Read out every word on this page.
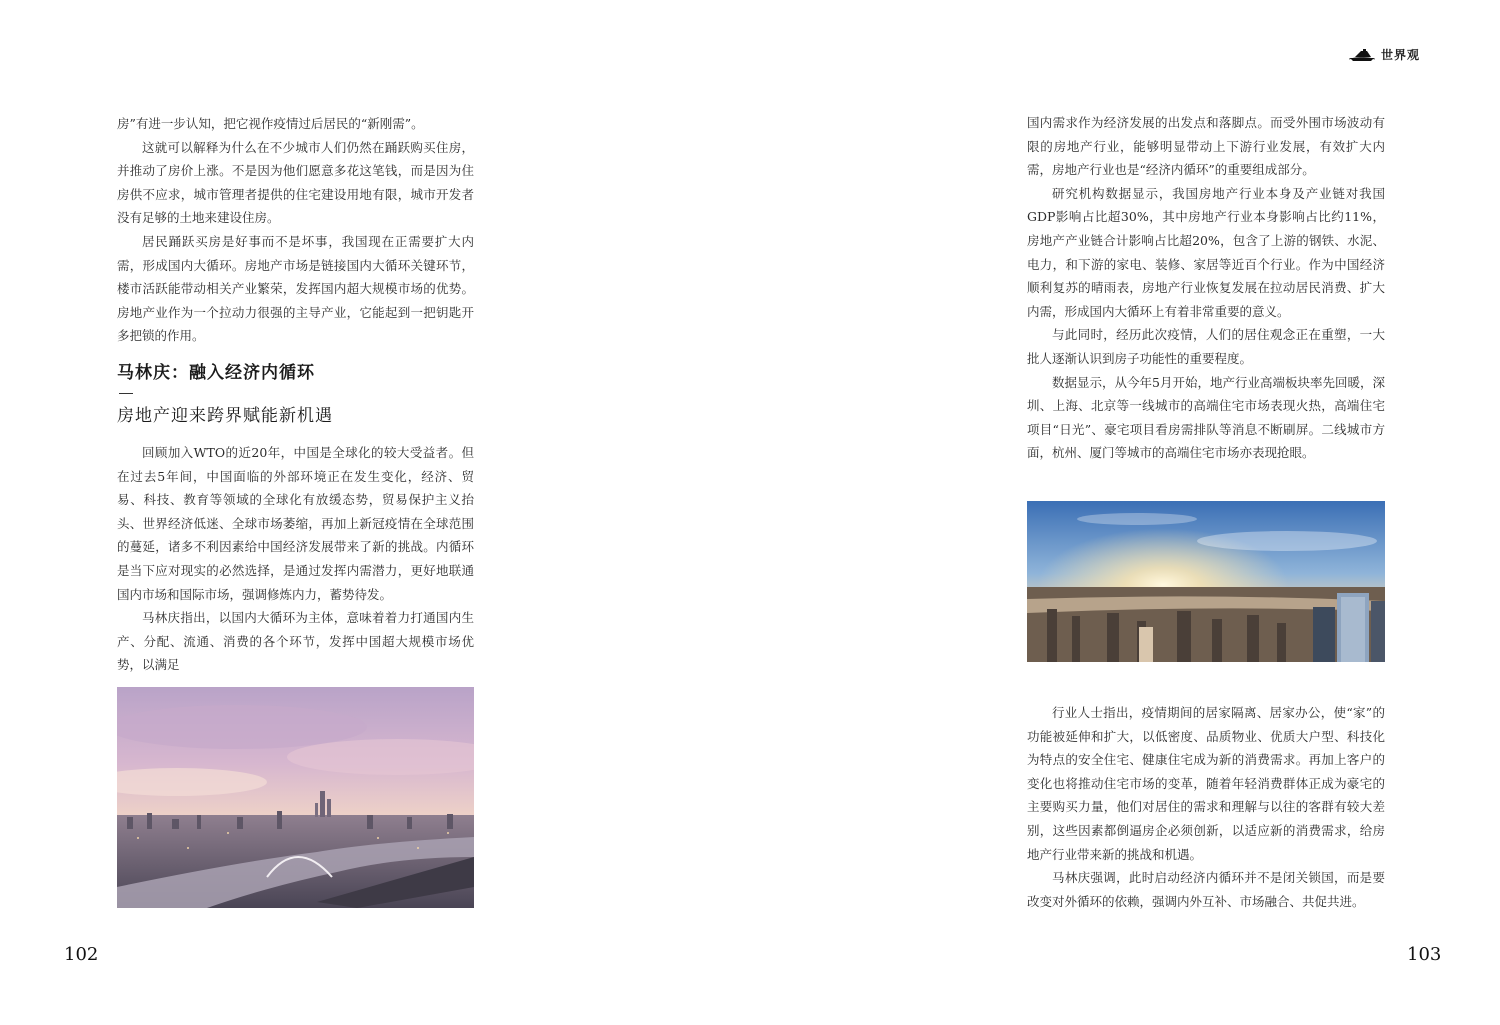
世界观

房”有进一步认知，把它视作疫情过后居民的“新刚需”。

这就可以解释为什么在不少城市人们仍然在踊跃购买住房，并推动了房价上涨。不是因为他们愿意多花这笔钱，而是因为住房供不应求，城市管理者提供的住宅建设用地有限，城市开发者没有足够的土地来建设住房。

居民踊跃买房是好事而不是坏事，我国现在正需要扩大内需，形成国内大循环。房地产市场是链接国内大循环关键环节，楼市活跃能带动相关产业繁荣，发挥国内超大规模市场的优势。房地产业作为一个拉动力很强的主导产业，它能起到一把钥匙开多把锁的作用。

马林庆：融入经济内循环
房地产迎来跨界赋能新机遇

回顾加入WTO的近20年，中国是全球化的较大受益者。但在过去5年间，中国面临的外部环境正在发生变化，经济、贸易、科技、教育等领域的全球化有放缓态势，贸易保护主义抬头、世界经济低迷、全球市场萎缩，再加上新冠疫情在全球范围的蔓延，诸多不利因素给中国经济发展带来了新的挑战。内循环是当下应对现实的必然选择，是通过发挥内需潜力，更好地联通国内市场和国际市场，强调修炼内力，蓄势待发。

马林庆指出，以国内大循环为主体，意味着着力打通国内生产、分配、流通、消费的各个环节，发挥中国超大规模市场优势，以满足

102

国内需求作为经济发展的出发点和落脚点。而受外围市场波动有限的房地产行业，能够明显带动上下游行业发展，有效扩大内需，房地产行业也是“经济内循环”的重要组成部分。

研究机构数据显示，我国房地产行业本身及产业链对我国GDP影响占比超30%，其中房地产行业本身影响占比约11%，房地产产业链合计影响占比超20%，包含了上游的钢铁、水泥、电力，和下游的家电、装修、家居等近百个行业。作为中国经济顺利复苏的晴雨表，房地产行业恢复发展在拉动居民消费、扩大内需，形成国内大循环上有着非常重要的意义。

与此同时，经历此次疫情，人们的居住观念正在重塑，一大批人逐渐认识到房子功能性的重要程度。

数据显示，从今年5月开始，地产行业高端板块率先回暖，深圳、上海、北京等一线城市的高端住宅市场表现火热，高端住宅项目“日光”、豪宅项目看房需排队等消息不断刷屏。二线城市方面，杭州、厦门等城市的高端住宅市场亦表现抢眼。

行业人士指出，疫情期间的居家隔离、居家办公，使“家”的功能被延伸和扩大，以低密度、品质物业、优质大户型、科技化为特点的安全住宅、健康住宅成为新的消费需求。再加上客户的变化也将推动住宅市场的变革，随着年轻消费群体正成为豪宅的主要购买力量，他们对居住的需求和理解与以往的客群有较大差别，这些因素都倒逼房企必须创新，以适应新的消费需求，给房地产行业带来新的挑战和机遇。

马林庆强调，此时启动经济内循环并不是闭关锁国，而是要改变对外循环的依赖，强调内外互补、市场融合、共促共进。

103
